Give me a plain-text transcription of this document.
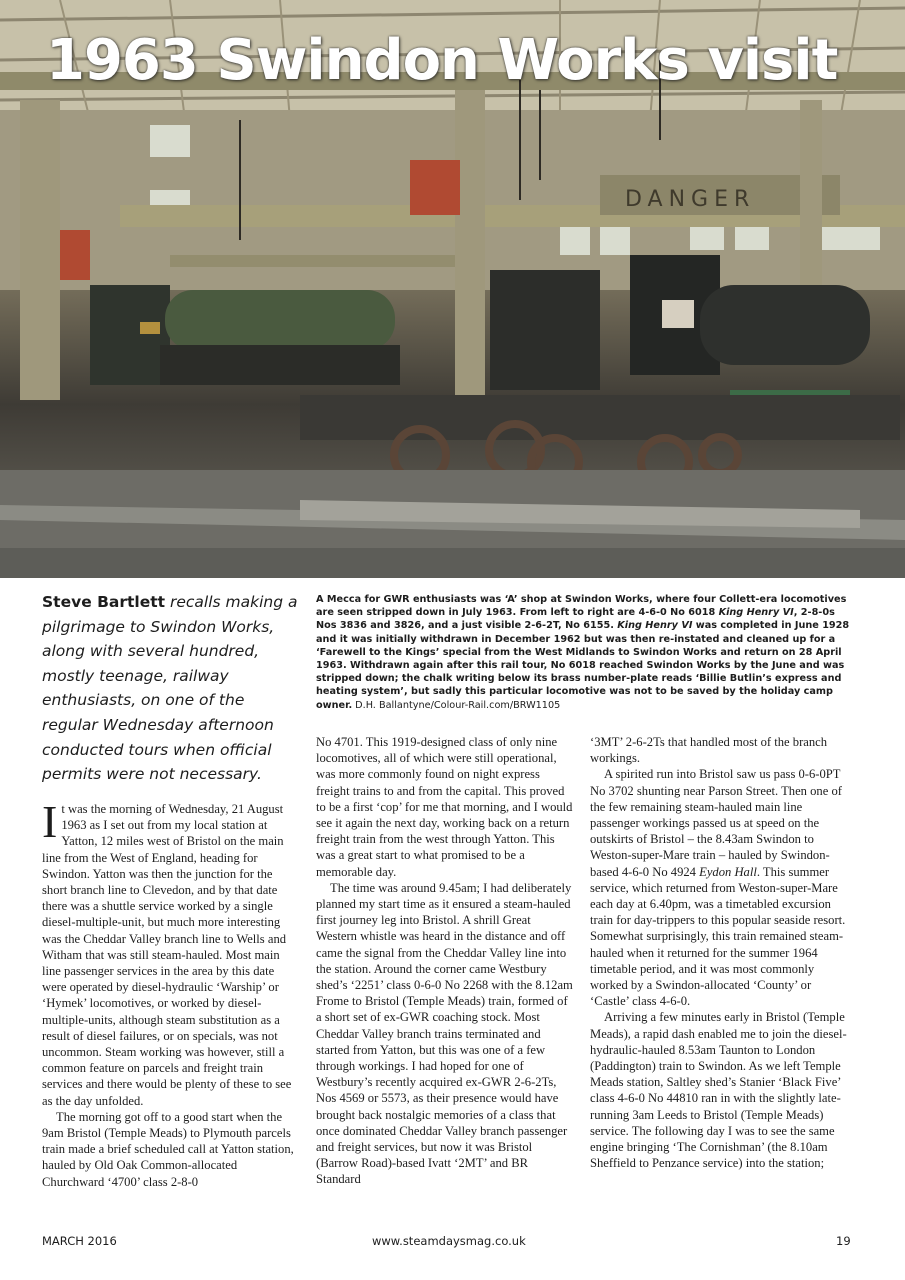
DANGER
1963 Swindon Works visit
Steve Bartlett recalls making a pilgrimage to Swindon Works, along with several hundred, mostly teenage, railway enthusiasts, on one of the regular Wednesday afternoon conducted tours when official permits were not necessary.
A Mecca for GWR enthusiasts was ‘A’ shop at Swindon Works, where four Collett-era locomotives are seen stripped down in July 1963. From left to right are 4-6-0 No 6018 King Henry VI, 2-8-0s Nos 3836 and 3826, and a just visible 2-6-2T, No 6155. King Henry VI was completed in June 1928 and it was initially withdrawn in December 1962 but was then re-instated and cleaned up for a ‘Farewell to the Kings’ special from the West Midlands to Swindon Works and return on 28 April 1963. Withdrawn again after this rail tour, No 6018 reached Swindon Works by the June and was stripped down; the chalk writing below its brass number-plate reads ‘Billie Butlin’s express and heating system’, but sadly this particular locomotive was not to be saved by the holiday camp owner. D.H. Ballantyne/Colour-Rail.com/BRW1105

It was the morning of Wednesday, 21 August 1963 as I set out from my local station at Yatton, 12 miles west of Bristol on the main line from the West of England, heading for Swindon. Yatton was then the junction for the short branch line to Clevedon, and by that date there was a shuttle service worked by a single diesel-multiple-unit, but much more interesting was the Cheddar Valley branch line to Wells and Witham that was still steam-hauled. Most main line passenger services in the area by this date were operated by diesel-hydraulic ‘Warship’ or ‘Hymek’ locomotives, or worked by diesel-multiple-units, although steam substitution as a result of diesel failures, or on specials, was not uncommon. Steam working was however, still a common feature on parcels and freight train services and there would be plenty of these to see as the day unfolded.

The morning got off to a good start when the 9am Bristol (Temple Meads) to Plymouth parcels train made a brief scheduled call at Yatton station, hauled by Old Oak Common-allocated Churchward ‘4700’ class 2-8-0

No 4701. This 1919-designed class of only nine locomotives, all of which were still operational, was more commonly found on night express freight trains to and from the capital. This proved to be a first ‘cop’ for me that morning, and I would see it again the next day, working back on a return freight train from the west through Yatton. This was a great start to what promised to be a memorable day.

The time was around 9.45am; I had deliberately planned my start time as it ensured a steam-hauled first journey leg into Bristol. A shrill Great Western whistle was heard in the distance and off came the signal from the Cheddar Valley line into the station. Around the corner came Westbury shed’s ‘2251’ class 0-6-0 No 2268 with the 8.12am Frome to Bristol (Temple Meads) train, formed of a short set of ex-GWR coaching stock. Most Cheddar Valley branch trains terminated and started from Yatton, but this was one of a few through workings. I had hoped for one of Westbury’s recently acquired ex-GWR 2-6-2Ts, Nos 4569 or 5573, as their presence would have brought back nostalgic memories of a class that once dominated Cheddar Valley branch passenger and freight services, but now it was Bristol (Barrow Road)-based Ivatt ‘2MT’ and BR Standard

‘3MT’ 2-6-2Ts that handled most of the branch workings.

A spirited run into Bristol saw us pass 0-6-0PT No 3702 shunting near Parson Street. Then one of the few remaining steam-hauled main line passenger workings passed us at speed on the outskirts of Bristol – the 8.43am Swindon to Weston-super-Mare train – hauled by Swindon-based 4-6-0 No 4924 Eydon Hall. This summer service, which returned from Weston-super-Mare each day at 6.40pm, was a timetabled excursion train for day-trippers to this popular seaside resort. Somewhat surprisingly, this train remained steam-hauled when it returned for the summer 1964 timetable period, and it was most commonly worked by a Swindon-allocated ‘County’ or ‘Castle’ class 4-6-0.

Arriving a few minutes early in Bristol (Temple Meads), a rapid dash enabled me to join the diesel-hydraulic-hauled 8.53am Taunton to London (Paddington) train to Swindon. As we left Temple Meads station, Saltley shed’s Stanier ‘Black Five’ class 4-6-0 No 44810 ran in with the slightly late-running 3am Leeds to Bristol (Temple Meads) service. The following day I was to see the same engine bringing ‘The Cornishman’ (the 8.10am Sheffield to Penzance service) into the station;

MARCH 2016	www.steamdaysmag.co.uk	19
